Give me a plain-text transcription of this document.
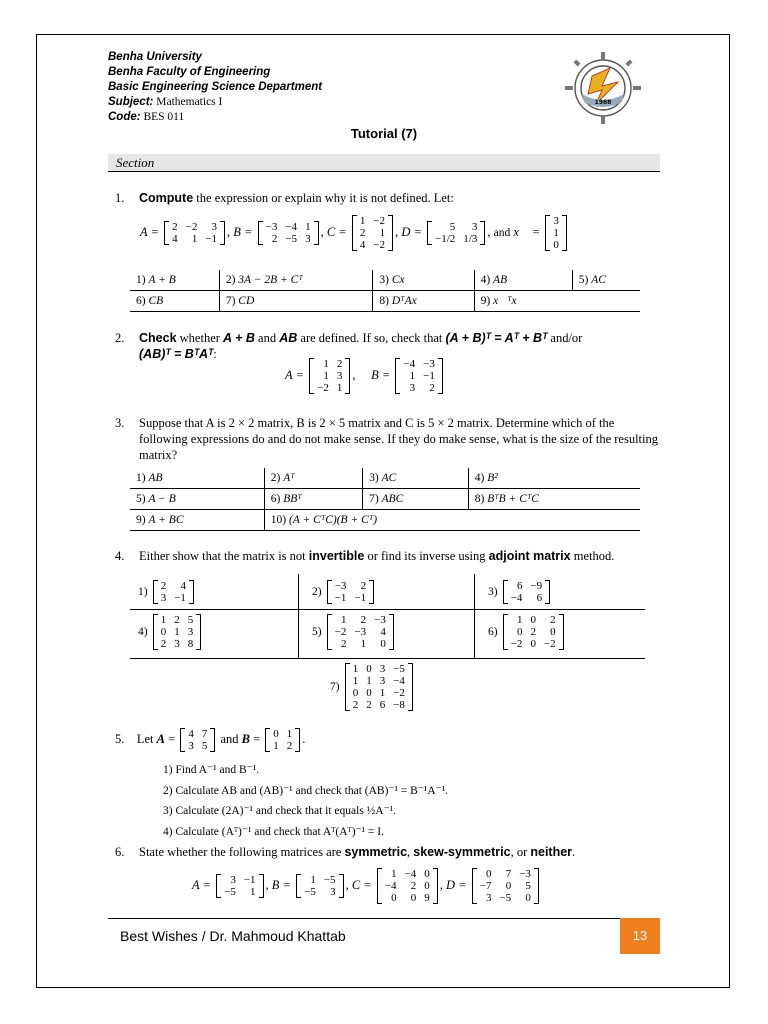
Benha University
Benha Faculty of Engineering
Basic Engineering Science Department
Subject: Mathematics I
Code: BES 011
1988
Tutorial (7)
Section
1. Compute the expression or explain why it is not defined. Let:
A = 2	−2	3
4	1	−1
, B = −3	−4	1
2	−5	3
, C =
1	−2
2	1
4	−2
, D = 5	3
−1/2	1/3
, and x⃗ =
3
1
0
1) A + B	2) 3A − 2B + Cᵀ	3) Cx⃗	4) AB	5) AC
6) CB	7) CD	8) DᵀAx⃗	9) x⃗ᵀx⃗	
2. Check whether A + B and AB are defined. If so, check that (A + B)ᵀ = Aᵀ + Bᵀ and/or
(AB)ᵀ = BᵀAᵀ:
A =
1	2
1	3
−2	1
,     B =
−4	−3
1	−1
3	2
3. Suppose that A is 2 × 2 matrix, B is 2 × 5 matrix and C is 5 × 2 matrix. Determine which of the following expressions do and do not make sense. If they do make sense, what is the size of the resulting matrix?
1) AB	2) Aᵀ	3) AC	4) B²
5) A − B	6) BBᵀ	7) ABC	8) BᵀB + CᵀC
9) A + BC	10) (A + CᵀC)(B + Cᵀ)		
4. Either show that the matrix is not invertible or find its inverse using adjoint matrix method.
1) 2	4
3	−1
2) −3	2
−1	−1
3) 6	−9
−4	6
4)
1	2	5
0	1	3
2	3	8
5)
1	2	−3
−2	−3	4
2	1	0
6)
1	0	2
0	2	0
−2	0	−2
7)
1	0	3	−5
1	1	3	−4
0	0	1	−2
2	2	6	−8
5. Let A = 4	7
3	5
and B = 0	1
1	2
.
1) Find A⁻¹ and B⁻¹.
2) Calculate AB and (AB)⁻¹ and check that (AB)⁻¹ = B⁻¹A⁻¹.
3) Calculate (2A)⁻¹ and check that it equals ½A⁻¹.
4) Calculate (Aᵀ)⁻¹ and check that Aᵀ(Aᵀ)⁻¹ = I.
6. State whether the following matrices are symmetric, skew-symmetric, or neither.
A = 3	−1
−5	1
, B = 1	−5
−5	3
, C =
1	−4	0
−4	2	0
0	0	9
, D =
0	7	−3
−7	0	5
3	−5	0
Best Wishes / Dr. Mahmoud Khattab	13
